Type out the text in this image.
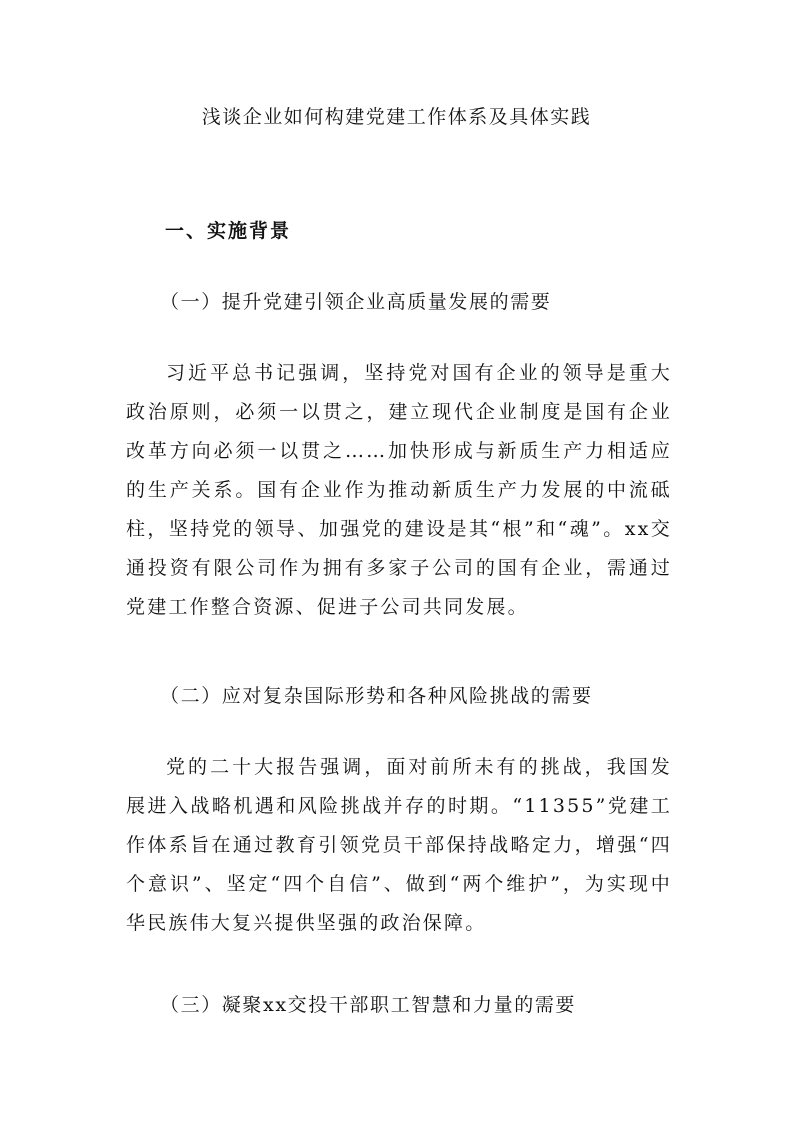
浅谈企业如何构建党建工作体系及具体实践
一、实施背景
（一）提升党建引领企业高质量发展的需要

习近平总书记强调，坚持党对国有企业的领导是重大政治原则，必须一以贯之，建立现代企业制度是国有企业改革方向必须一以贯之……加快形成与新质生产力相适应的生产关系。国有企业作为推动新质生产力发展的中流砥柱，坚持党的领导、加强党的建设是其“根”和“魂”。xx交通投资有限公司作为拥有多家子公司的国有企业，需通过党建工作整合资源、促进子公司共同发展。

（二）应对复杂国际形势和各种风险挑战的需要

党的二十大报告强调，面对前所未有的挑战，我国发展进入战略机遇和风险挑战并存的时期。“11355”党建工作体系旨在通过教育引领党员干部保持战略定力，增强“四个意识”、坚定“四个自信”、做到“两个维护”，为实现中华民族伟大复兴提供坚强的政治保障。

（三）凝聚xx交投干部职工智慧和力量的需要
